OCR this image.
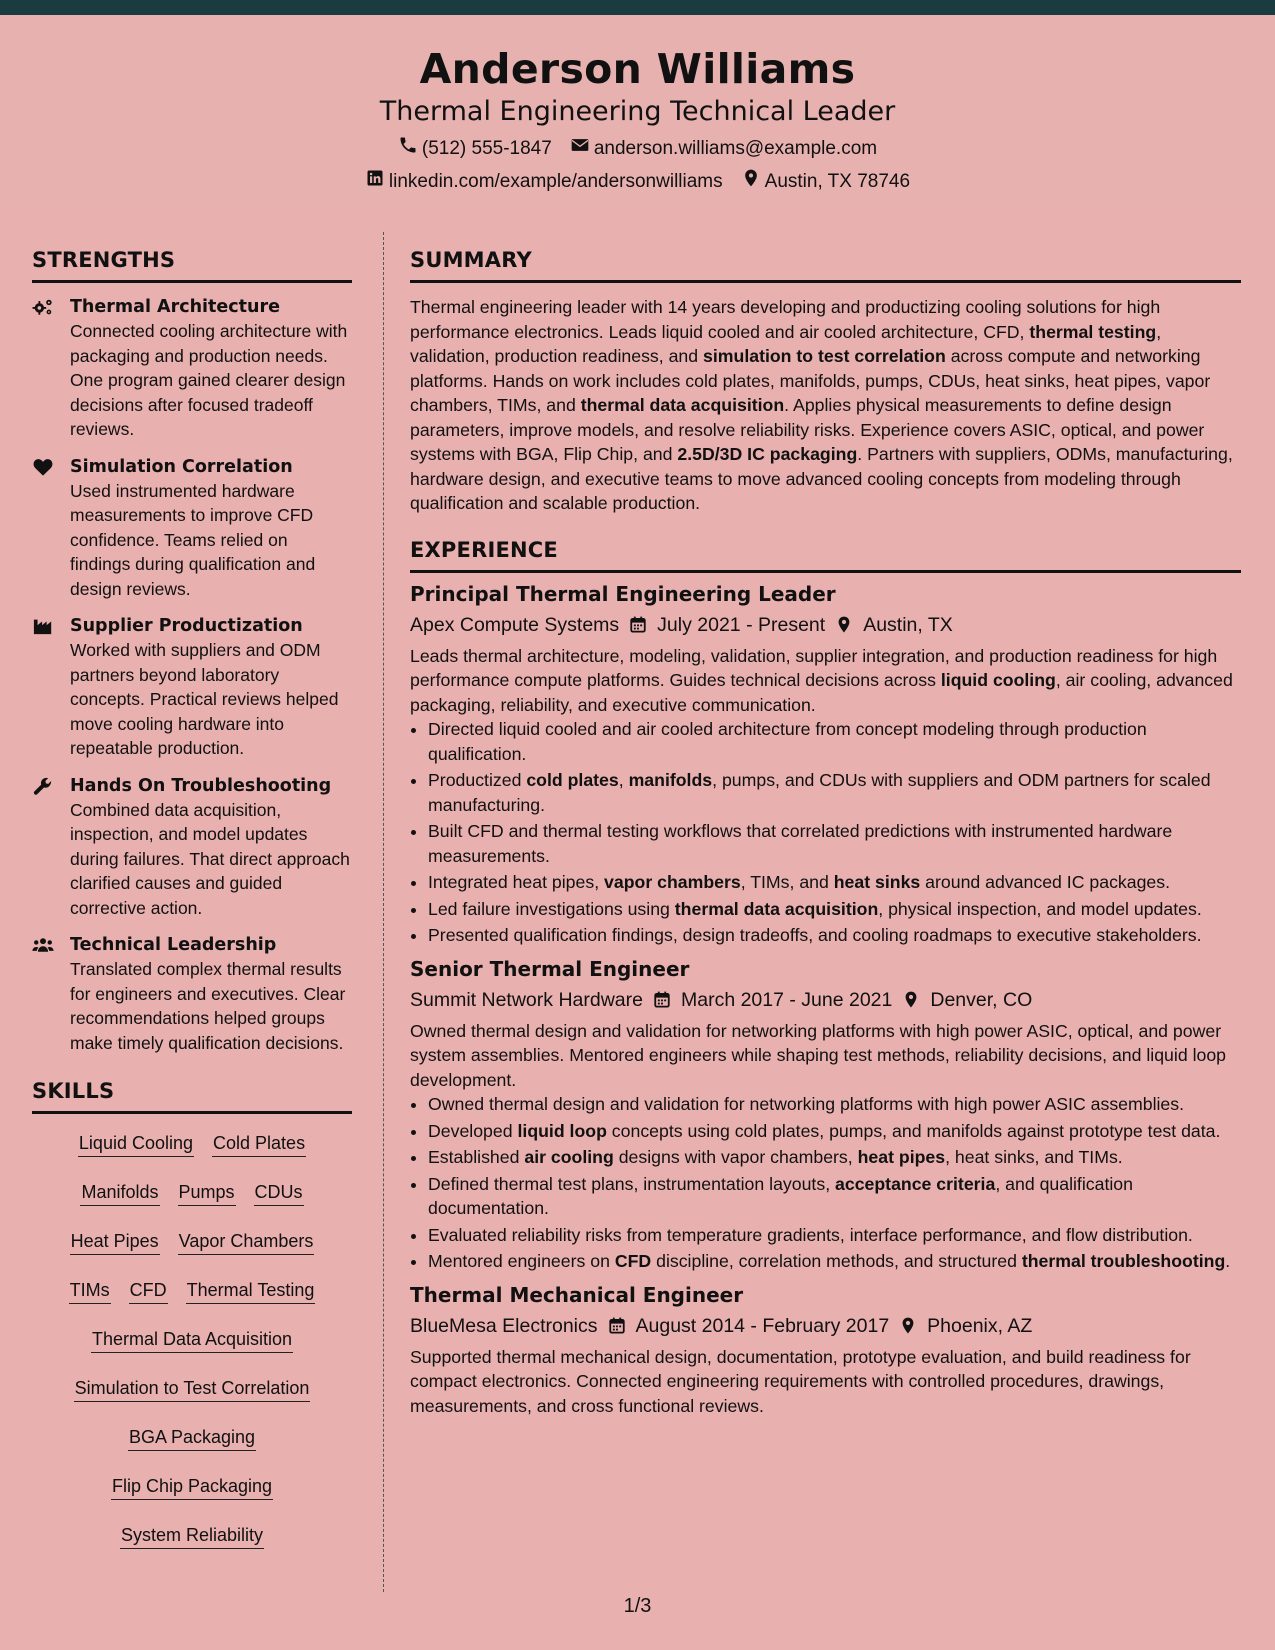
Anderson Williams
Thermal Engineering Technical Leader
(512) 555-1847 anderson.williams@example.com
linkedin.com/example/andersonwilliams Austin, TX 78746
STRENGTHS
Thermal Architecture
Connected cooling architecture with packaging and production needs. One program gained clearer design decisions after focused tradeoff reviews.
Simulation Correlation
Used instrumented hardware measurements to improve CFD confidence. Teams relied on findings during qualification and design reviews.
Supplier Productization
Worked with suppliers and ODM partners beyond laboratory concepts. Practical reviews helped move cooling hardware into repeatable production.
Hands On Troubleshooting
Combined data acquisition, inspection, and model updates during failures. That direct approach clarified causes and guided corrective action.
Technical Leadership
Translated complex thermal results for engineers and executives. Clear recommendations helped groups make timely qualification decisions.
SKILLS
Liquid Cooling Cold Plates
Manifolds Pumps CDUs
Heat Pipes Vapor Chambers
TIMs CFD Thermal Testing
Thermal Data Acquisition
Simulation to Test Correlation
BGA Packaging
Flip Chip Packaging
System Reliability
SUMMARY
Thermal engineering leader with 14 years developing and productizing cooling solutions for high performance electronics. Leads liquid cooled and air cooled architecture, CFD, thermal testing, validation, production readiness, and simulation to test correlation across compute and networking platforms. Hands on work includes cold plates, manifolds, pumps, CDUs, heat sinks, heat pipes, vapor chambers, TIMs, and thermal data acquisition. Applies physical measurements to define design parameters, improve models, and resolve reliability risks. Experience covers ASIC, optical, and power systems with BGA, Flip Chip, and 2.5D/3D IC packaging. Partners with suppliers, ODMs, manufacturing, hardware design, and executive teams to move advanced cooling concepts from modeling through qualification and scalable production.
EXPERIENCE
Principal Thermal Engineering Leader
Apex Compute Systems July 2021 - Present Austin, TX
Leads thermal architecture, modeling, validation, supplier integration, and production readiness for high performance compute platforms. Guides technical decisions across liquid cooling, air cooling, advanced packaging, reliability, and executive communication.
• Directed liquid cooled and air cooled architecture from concept modeling through production qualification.
• Productized cold plates, manifolds, pumps, and CDUs with suppliers and ODM partners for scaled manufacturing.
• Built CFD and thermal testing workflows that correlated predictions with instrumented hardware measurements.
• Integrated heat pipes, vapor chambers, TIMs, and heat sinks around advanced IC packages.
• Led failure investigations using thermal data acquisition, physical inspection, and model updates.
• Presented qualification findings, design tradeoffs, and cooling roadmaps to executive stakeholders.
Senior Thermal Engineer
Summit Network Hardware March 2017 - June 2021 Denver, CO
Owned thermal design and validation for networking platforms with high power ASIC, optical, and power system assemblies. Mentored engineers while shaping test methods, reliability decisions, and liquid loop development.
• Owned thermal design and validation for networking platforms with high power ASIC assemblies.
• Developed liquid loop concepts using cold plates, pumps, and manifolds against prototype test data.
• Established air cooling designs with vapor chambers, heat pipes, heat sinks, and TIMs.
• Defined thermal test plans, instrumentation layouts, acceptance criteria, and qualification documentation.
• Evaluated reliability risks from temperature gradients, interface performance, and flow distribution.
• Mentored engineers on CFD discipline, correlation methods, and structured thermal troubleshooting.
Thermal Mechanical Engineer
BlueMesa Electronics August 2014 - February 2017 Phoenix, AZ
Supported thermal mechanical design, documentation, prototype evaluation, and build readiness for compact electronics. Connected engineering requirements with controlled procedures, drawings, measurements, and cross functional reviews.
1/3
